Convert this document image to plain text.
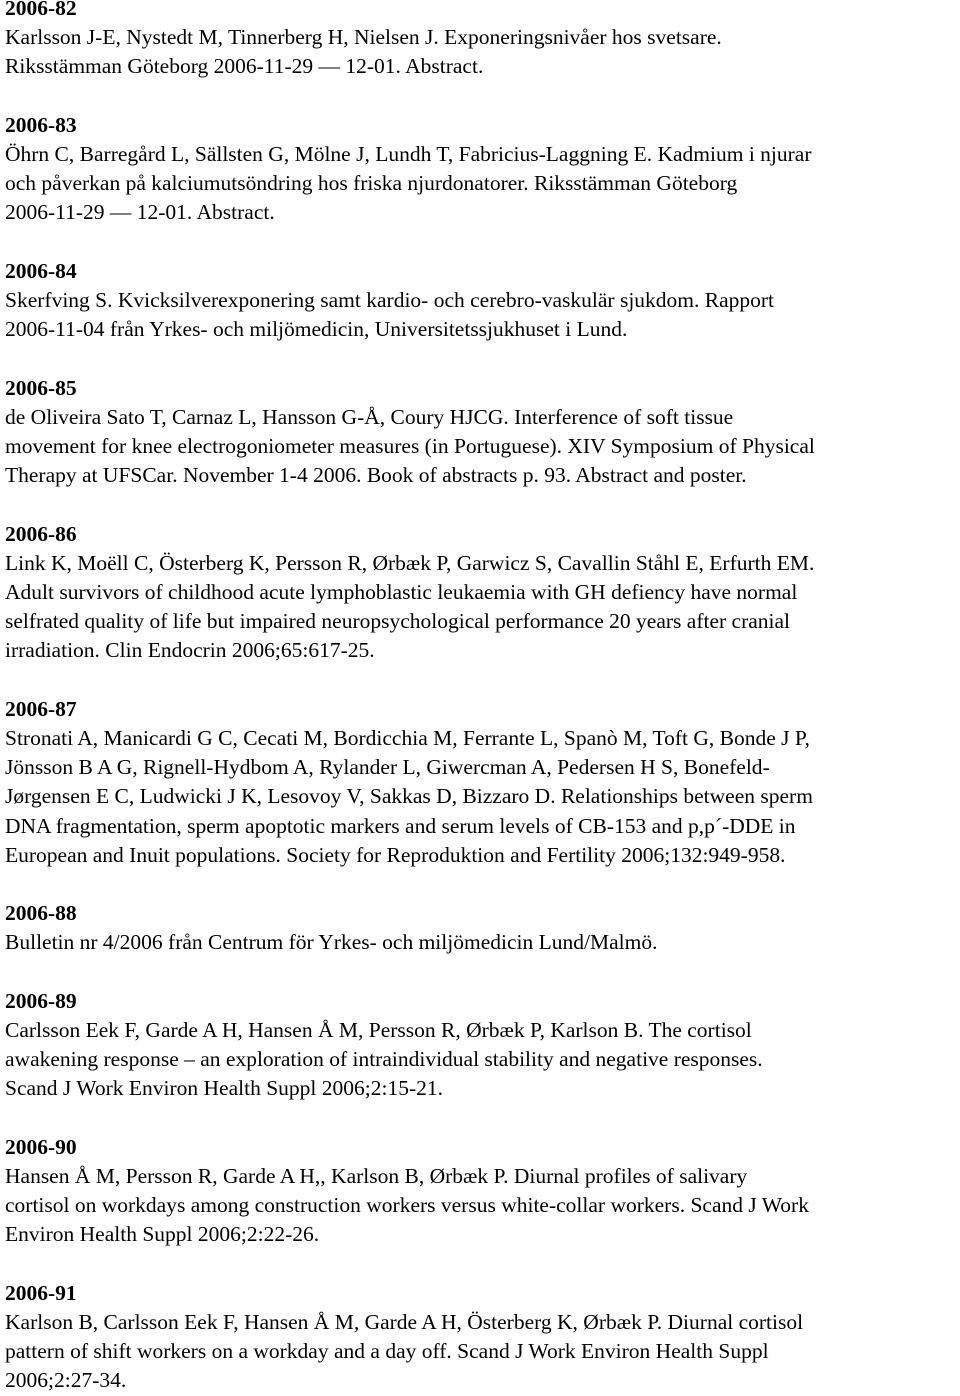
2006-82
Karlsson J-E, Nystedt M, Tinnerberg H, Nielsen J. Exponeringsnivåer hos svetsare.
Riksstämman Göteborg 2006-11-29 — 12-01. Abstract.
2006-83
Öhrn C, Barregård L, Sällsten G, Mölne J, Lundh T, Fabricius-Laggning E. Kadmium i njurar
och påverkan på kalciumutsöndring hos friska njurdonatorer. Riksstämman Göteborg
2006-11-29 — 12-01. Abstract.
2006-84
Skerfving S. Kvicksilverexponering samt kardio- och cerebro-vaskulär sjukdom. Rapport
2006-11-04 från Yrkes- och miljömedicin, Universitetssjukhuset i Lund.
2006-85
de Oliveira Sato T, Carnaz L, Hansson G-Å, Coury HJCG. Interference of soft tissue
movement for knee electrogoniometer measures (in Portuguese). XIV Symposium of Physical
Therapy at UFSCar. November 1-4 2006. Book of abstracts p. 93. Abstract and poster.
2006-86
Link K, Moëll C, Österberg K, Persson R, Ørbæk P, Garwicz S, Cavallin Ståhl E, Erfurth EM.
Adult survivors of childhood acute lymphoblastic leukaemia with GH defiency have normal
selfrated quality of life but impaired neuropsychological performance 20 years after cranial
irradiation. Clin Endocrin 2006;65:617-25.
2006-87
Stronati A, Manicardi G C, Cecati M, Bordicchia M, Ferrante L, Spanò M, Toft G, Bonde J P,
Jönsson B A G, Rignell-Hydbom A, Rylander L, Giwercman A, Pedersen H S, Bonefeld-
Jørgensen E C, Ludwicki J K, Lesovoy V, Sakkas D, Bizzaro D. Relationships between sperm
DNA fragmentation, sperm apoptotic markers and serum levels of CB-153 and p,p´-DDE in
European and Inuit populations. Society for Reproduktion and Fertility 2006;132:949-958.
2006-88
Bulletin nr 4/2006 från Centrum för Yrkes- och miljömedicin Lund/Malmö.
2006-89
Carlsson Eek F, Garde A H, Hansen Å M, Persson R, Ørbæk P, Karlson B. The cortisol
awakening response – an exploration of intraindividual stability and negative responses.
Scand J Work Environ Health Suppl 2006;2:15-21.
2006-90
Hansen Å M, Persson R, Garde A H,, Karlson B, Ørbæk P. Diurnal profiles of salivary
cortisol on workdays among construction workers versus white-collar workers. Scand J Work
Environ Health Suppl 2006;2:22-26.
2006-91
Karlson B, Carlsson Eek F, Hansen Å M, Garde A H, Österberg K, Ørbæk P. Diurnal cortisol
pattern of shift workers on a workday and a day off. Scand J Work Environ Health Suppl
2006;2:27-34.
